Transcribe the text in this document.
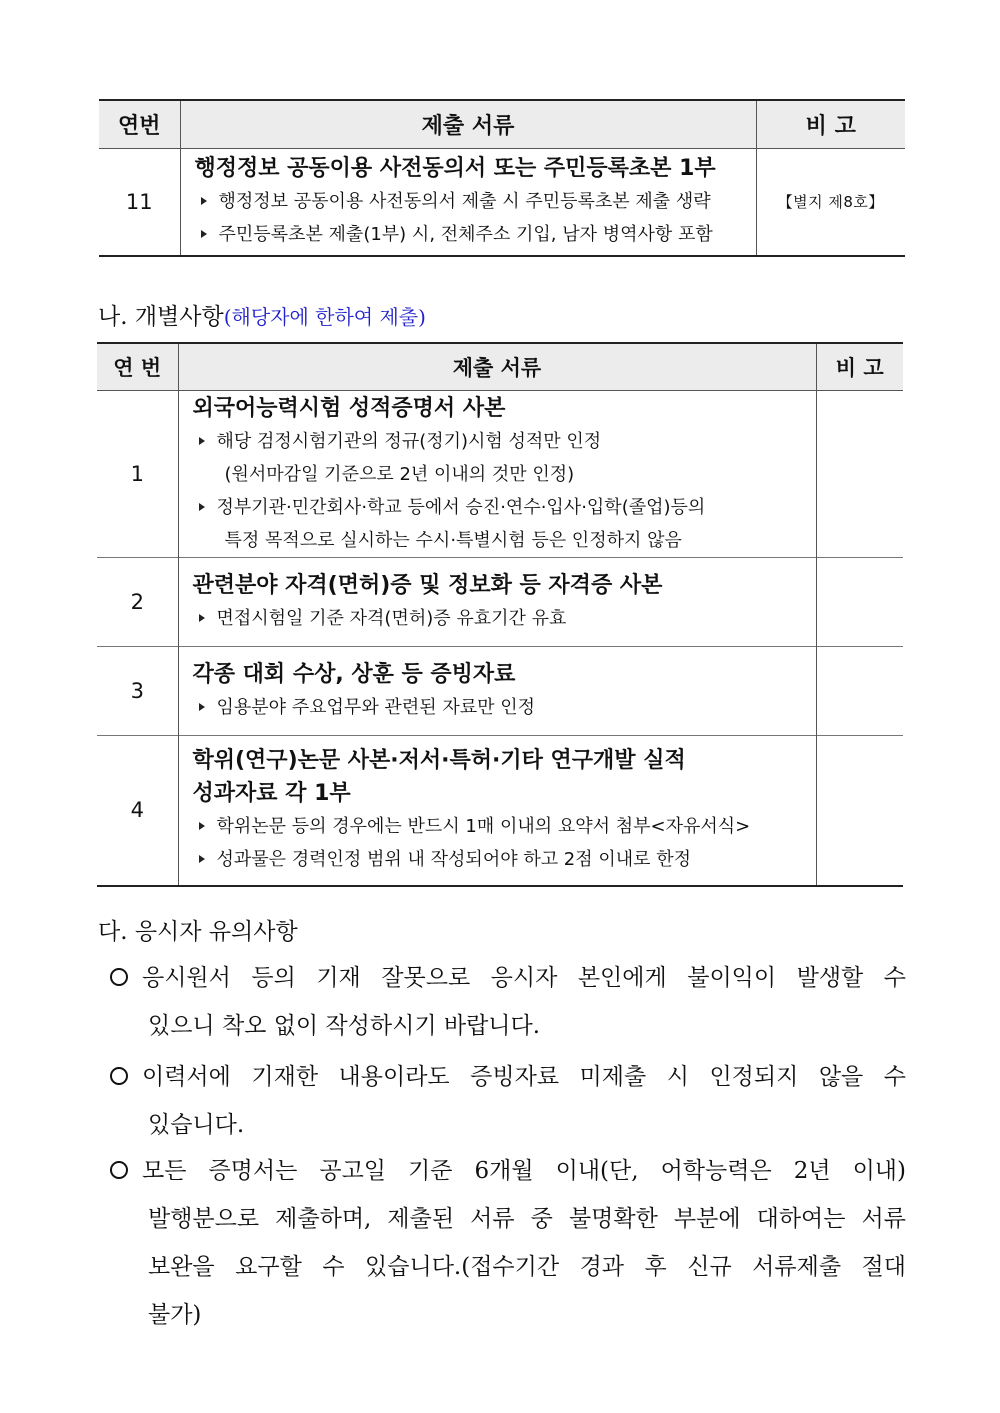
연번	제출 서류	비 고
11	행정정보 공동이용 사전동의서 또는 주민등록초본 1부
행정정보 공동이용 사전동의서 제출 시 주민등록초본 제출 생략
주민등록초본 제출(1부) 시, 전체주소 기입, 남자 병역사항 포함	【별지 제8호】
나. 개별사항(해당자에 한하여 제출)
연 번	제출 서류	비 고
1	외국어능력시험 성적증명서 사본
해당 검정시험기관의 정규(정기)시험 성적만 인정
(원서마감일 기준으로 2년 이내의 것만 인정)
정부기관·민간회사·학교 등에서 승진·연수·입사·입학(졸업)등의
특정 목적으로 실시하는 수시·특별시험 등은 인정하지 않음	

2	관련분야 자격(면허)증 및 정보화 등 자격증 사본
면접시험일 기준 자격(면허)증 유효기간 유효	

3	각종 대회 수상, 상훈 등 증빙자료
임용분야 주요업무와 관련된 자료만 인정	

4	학위(연구)논문 사본·저서·특허·기타 연구개발 실적
성과자료 각 1부
학위논문 등의 경우에는 반드시 1매 이내의 요약서 첨부<자유서식>
성과물은 경력인정 범위 내 작성되어야 하고 2점 이내로 한정	

다. 응시자 유의사항
응시원서 등의 기재 잘못으로 응시자 본인에게 불이익이 발생할 수
있으니 착오 없이 작성하시기 바랍니다.
이력서에 기재한 내용이라도 증빙자료 미제출 시 인정되지 않을 수
있습니다.
모든 증명서는 공고일 기준 6개월 이내(단, 어학능력은 2년 이내)
발행분으로 제출하며, 제출된 서류 중 불명확한 부분에 대하여는 서류
보완을 요구할 수 있습니다.(접수기간 경과 후 신규 서류제출 절대
불가)
